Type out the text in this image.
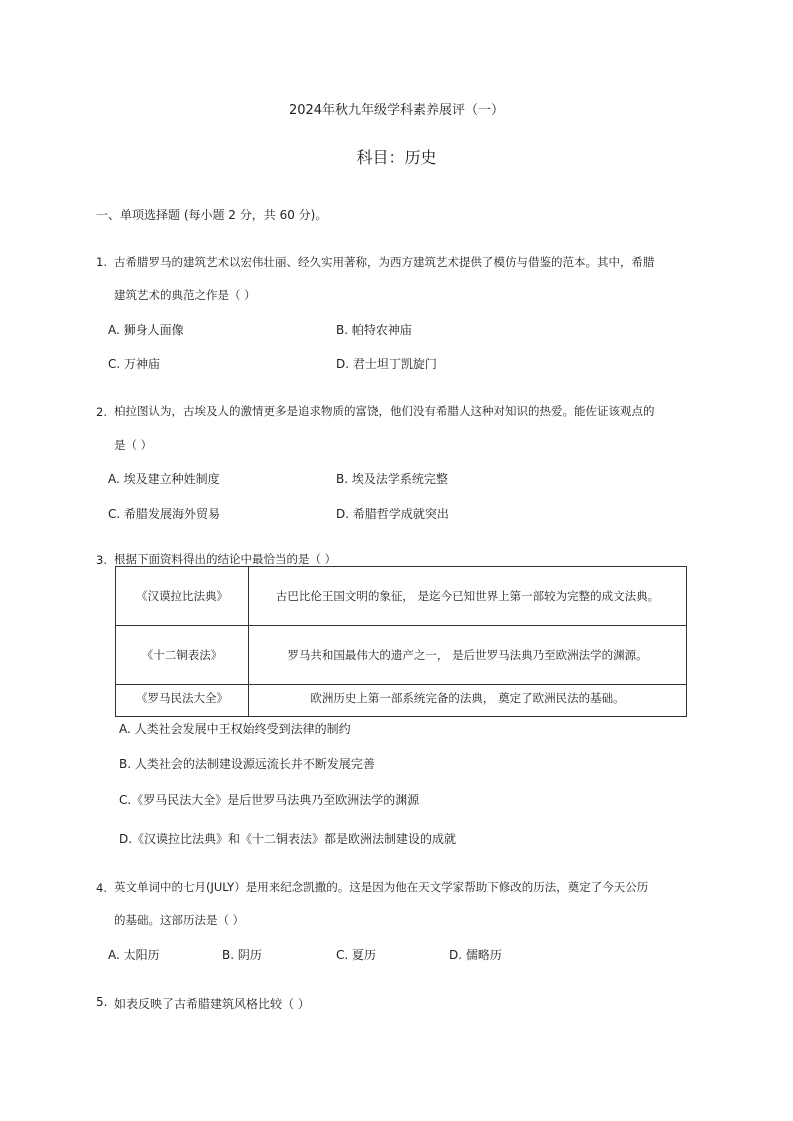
2024年秋九年级学科素养展评（一）
科目：历史
一、单项选择题 (每小题 2 分，共 60 分)。
1. 古希腊罗马的建筑艺术以宏伟壮丽、经久实用著称，为西方建筑艺术提供了模仿与借鉴的范本。其中，希腊
建筑艺术的典范之作是（ ）
A. 狮身人面像	B. 帕特农神庙
C. 万神庙	D. 君士坦丁凯旋门
2. 柏拉图认为，古埃及人的激情更多是追求物质的富饶，他们没有希腊人这种对知识的热爱。能佐证该观点的
是（ ）
A. 埃及建立种姓制度	B. 埃及法学系统完整
C. 希腊发展海外贸易	D. 希腊哲学成就突出
3. 根据下面资料得出的结论中最恰当的是（ ）
《汉谟拉比法典》	古巴比伦王国文明的象征， 是迄今已知世界上第一部较为完整的成文法典。
《十二铜表法》	罗马共和国最伟大的遗产之一， 是后世罗马法典乃至欧洲法学的渊源。
《罗马民法大全》	欧洲历史上第一部系统完备的法典， 奠定了欧洲民法的基础。
A. 人类社会发展中王权始终受到法律的制约
B. 人类社会的法制建设源远流长并不断发展完善
C.《罗马民法大全》是后世罗马法典乃至欧洲法学的渊源
D.《汉谟拉比法典》和《十二铜表法》都是欧洲法制建设的成就
4. 英文单词中的七月(JULY）是用来纪念凯撒的。这是因为他在天文学家帮助下修改的历法，奠定了今天公历
的基础。这部历法是（ ）
A. 太阳历	B. 阴历	C. 夏历	D. 儒略历
5. 如表反映了古希腊建筑风格比较（ ）
